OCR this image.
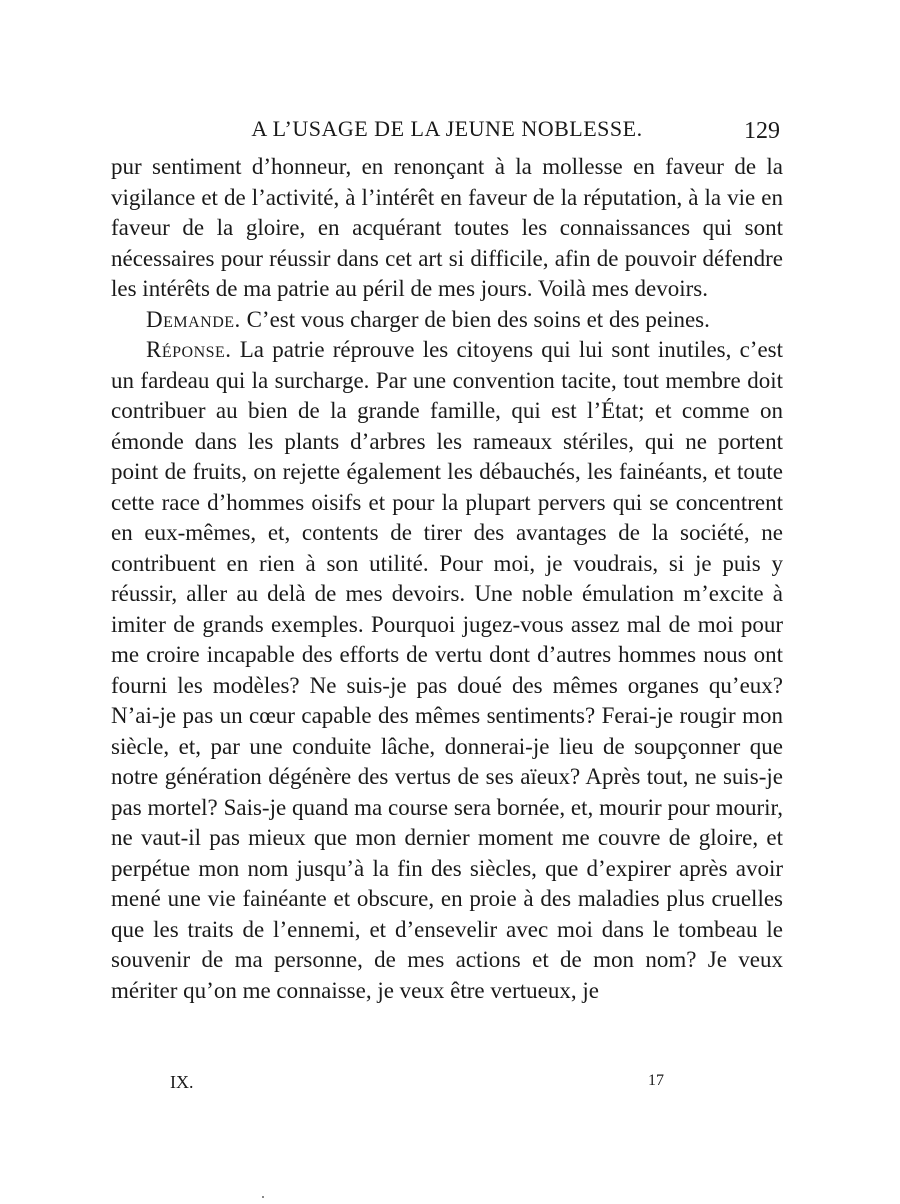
A L’USAGE DE LA JEUNE NOBLESSE.	129

pur sentiment d’honneur, en renonçant à la mollesse en faveur de la vigilance et de l’activité, à l’intérêt en faveur de la réputation, à la vie en faveur de la gloire, en acquérant toutes les connaissances qui sont nécessaires pour réussir dans cet art si difficile, afin de pouvoir défendre les intérêts de ma patrie au péril de mes jours. Voilà mes devoirs.

Demande. C’est vous charger de bien des soins et des peines.

Réponse. La patrie réprouve les citoyens qui lui sont inutiles, c’est un fardeau qui la surcharge. Par une convention tacite, tout membre doit contribuer au bien de la grande famille, qui est l’État; et comme on émonde dans les plants d’arbres les rameaux stériles, qui ne portent point de fruits, on rejette également les débauchés, les fainéants, et toute cette race d’hommes oisifs et pour la plupart pervers qui se concentrent en eux-mêmes, et, contents de tirer des avantages de la société, ne contribuent en rien à son utilité. Pour moi, je voudrais, si je puis y réussir, aller au delà de mes devoirs. Une noble émulation m’excite à imiter de grands exemples. Pourquoi jugez-vous assez mal de moi pour me croire incapable des efforts de vertu dont d’autres hommes nous ont fourni les modèles? Ne suis-je pas doué des mêmes organes qu’eux? N’ai-je pas un cœur capable des mêmes sentiments? Ferai-je rougir mon siècle, et, par une conduite lâche, donnerai-je lieu de soupçonner que notre génération dégénère des vertus de ses aïeux? Après tout, ne suis-je pas mortel? Sais-je quand ma course sera bornée, et, mourir pour mourir, ne vaut-il pas mieux que mon dernier moment me couvre de gloire, et perpétue mon nom jusqu’à la fin des siècles, que d’expirer après avoir mené une vie fainéante et obscure, en proie à des maladies plus cruelles que les traits de l’ennemi, et d’ensevelir avec moi dans le tombeau le souvenir de ma personne, de mes actions et de mon nom? Je veux mériter qu’on me connaisse, je veux être vertueux, je

IX.	17
